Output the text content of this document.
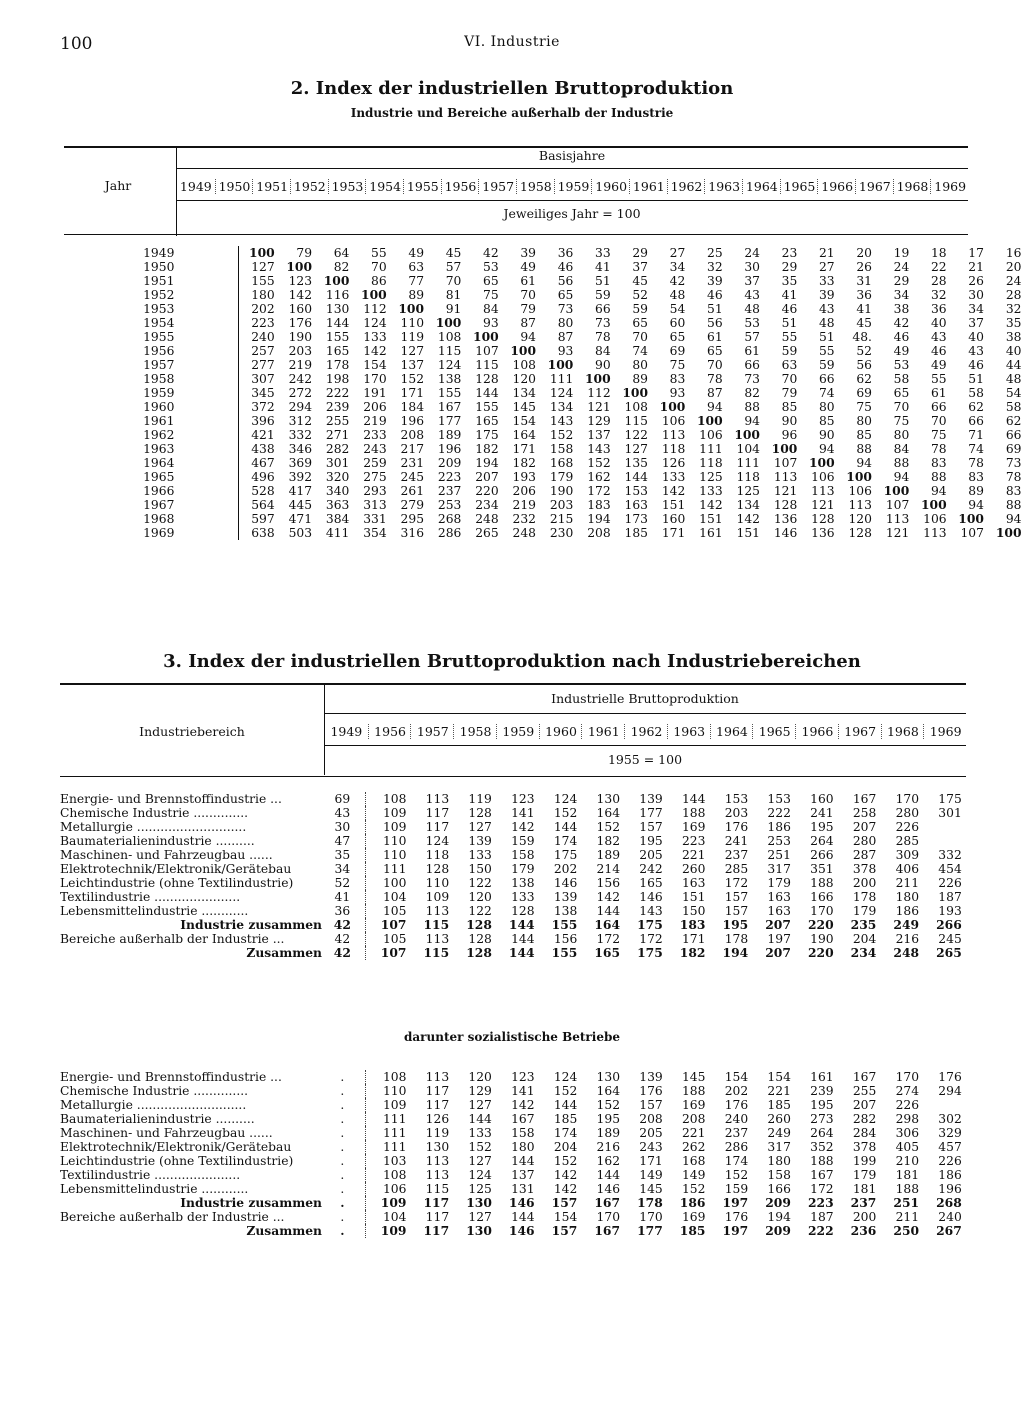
100	VI. Industrie
2. Index der industriellen Bruttoproduktion
Industrie und Bereiche außerhalb der Industrie
Jahr
Basisjahre
1949 1950 1951 1952 1953 1954 1955 1956 1957 1958 1959 1960 1961 1962 1963 1964 1965 1966 1967 1968 1969
Jeweiliges Jahr = 100
1949	100	79	64	55	49	45	42	39	36	33	29	27	25	24	23	21	20	19	18	17	16
1950	127	100	82	70	63	57	53	49	46	41	37	34	32	30	29	27	26	24	22	21	20
1951	155	123	100	86	77	70	65	61	56	51	45	42	39	37	35	33	31	29	28	26	24
1952	180	142	116	100	89	81	75	70	65	59	52	48	46	43	41	39	36	34	32	30	28
1953	202	160	130	112	100	91	84	79	73	66	59	54	51	48	46	43	41	38	36	34	32
1954	223	176	144	124	110	100	93	87	80	73	65	60	56	53	51	48	45	42	40	37	35
1955	240	190	155	133	119	108	100	94	87	78	70	65	61	57	55	51	48.	46	43	40	38
1956	257	203	165	142	127	115	107	100	93	84	74	69	65	61	59	55	52	49	46	43	40
1957	277	219	178	154	137	124	115	108	100	90	80	75	70	66	63	59	56	53	49	46	44
1958	307	242	198	170	152	138	128	120	111	100	89	83	78	73	70	66	62	58	55	51	48
1959	345	272	222	191	171	155	144	134	124	112	100	93	87	82	79	74	69	65	61	58	54
1960	372	294	239	206	184	167	155	145	134	121	108	100	94	88	85	80	75	70	66	62	58
1961	396	312	255	219	196	177	165	154	143	129	115	106	100	94	90	85	80	75	70	66	62
1962	421	332	271	233	208	189	175	164	152	137	122	113	106	100	96	90	85	80	75	71	66
1963	438	346	282	243	217	196	182	171	158	143	127	118	111	104	100	94	88	84	78	74	69
1964	467	369	301	259	231	209	194	182	168	152	135	126	118	111	107	100	94	88	83	78	73
1965	496	392	320	275	245	223	207	193	179	162	144	133	125	118	113	106	100	94	88	83	78
1966	528	417	340	293	261	237	220	206	190	172	153	142	133	125	121	113	106	100	94	89	83
1967	564	445	363	313	279	253	234	219	203	183	163	151	142	134	128	121	113	107	100	94	88
1968	597	471	384	331	295	268	248	232	215	194	173	160	151	142	136	128	120	113	106	100	94
1969	638	503	411	354	316	286	265	248	230	208	185	171	161	151	146	136	128	121	113	107	100
3. Index der industriellen Bruttoproduktion nach Industriebereichen
Industriebereich
Industrielle Bruttoproduktion
1949 1956 1957 1958 1959 1960 1961 1962 1963 1964 1965 1966 1967 1968 1969
1955 = 100
Energie- und Brennstoffindustrie ...	69	108	113	119	123	124	130	139	144	153	153	160	167	170	175
Chemische Industrie ..............	43	109	117	128	141	152	164	177	188	203	222	241	258	280	301
Metallurgie ............................	30	109	117	127	142	144	152	157	169	176	186	195	207	226	
Baumaterialienindustrie ..........	47	110	124	139	159	174	182	195	223	241	253	264	280	285	
Maschinen- und Fahrzeugbau ......	35	110	118	133	158	175	189	205	221	237	251	266	287	309	332
Elektrotechnik/Elektronik/Gerätebau	34	111	128	150	179	202	214	242	260	285	317	351	378	406	454
Leichtindustrie (ohne Textilindustrie)	52	100	110	122	138	146	156	165	163	172	179	188	200	211	226
Textilindustrie ......................	41	104	109	120	133	139	142	146	151	157	163	166	178	180	187
Lebensmittelindustrie ............	36	105	113	122	128	138	144	143	150	157	163	170	179	186	193
Industrie zusammen	42	107	115	128	144	155	164	175	183	195	207	220	235	249	266
Bereiche außerhalb der Industrie ...	42	105	113	128	144	156	172	172	171	178	197	190	204	216	245
Zusammen	42	107	115	128	144	155	165	175	182	194	207	220	234	248	265
darunter sozialistische Betriebe
Energie- und Brennstoffindustrie ...	.	108	113	120	123	124	130	139	145	154	154	161	167	170	176
Chemische Industrie ..............	.	110	117	129	141	152	164	176	188	202	221	239	255	274	294
Metallurgie ............................	.	109	117	127	142	144	152	157	169	176	185	195	207	226	
Baumaterialienindustrie ..........	.	111	126	144	167	185	195	208	208	240	260	273	282	298	302
Maschinen- und Fahrzeugbau ......	.	111	119	133	158	174	189	205	221	237	249	264	284	306	329
Elektrotechnik/Elektronik/Gerätebau	.	111	130	152	180	204	216	243	262	286	317	352	378	405	457
Leichtindustrie (ohne Textilindustrie)	.	103	113	127	144	152	162	171	168	174	180	188	199	210	226
Textilindustrie ......................	.	108	113	124	137	142	144	149	149	152	158	167	179	181	186
Lebensmittelindustrie ............	.	106	115	125	131	142	146	145	152	159	166	172	181	188	196
Industrie zusammen	.	109	117	130	146	157	167	178	186	197	209	223	237	251	268
Bereiche außerhalb der Industrie ...	.	104	117	127	144	154	170	170	169	176	194	187	200	211	240
Zusammen	.	109	117	130	146	157	167	177	185	197	209	222	236	250	267
